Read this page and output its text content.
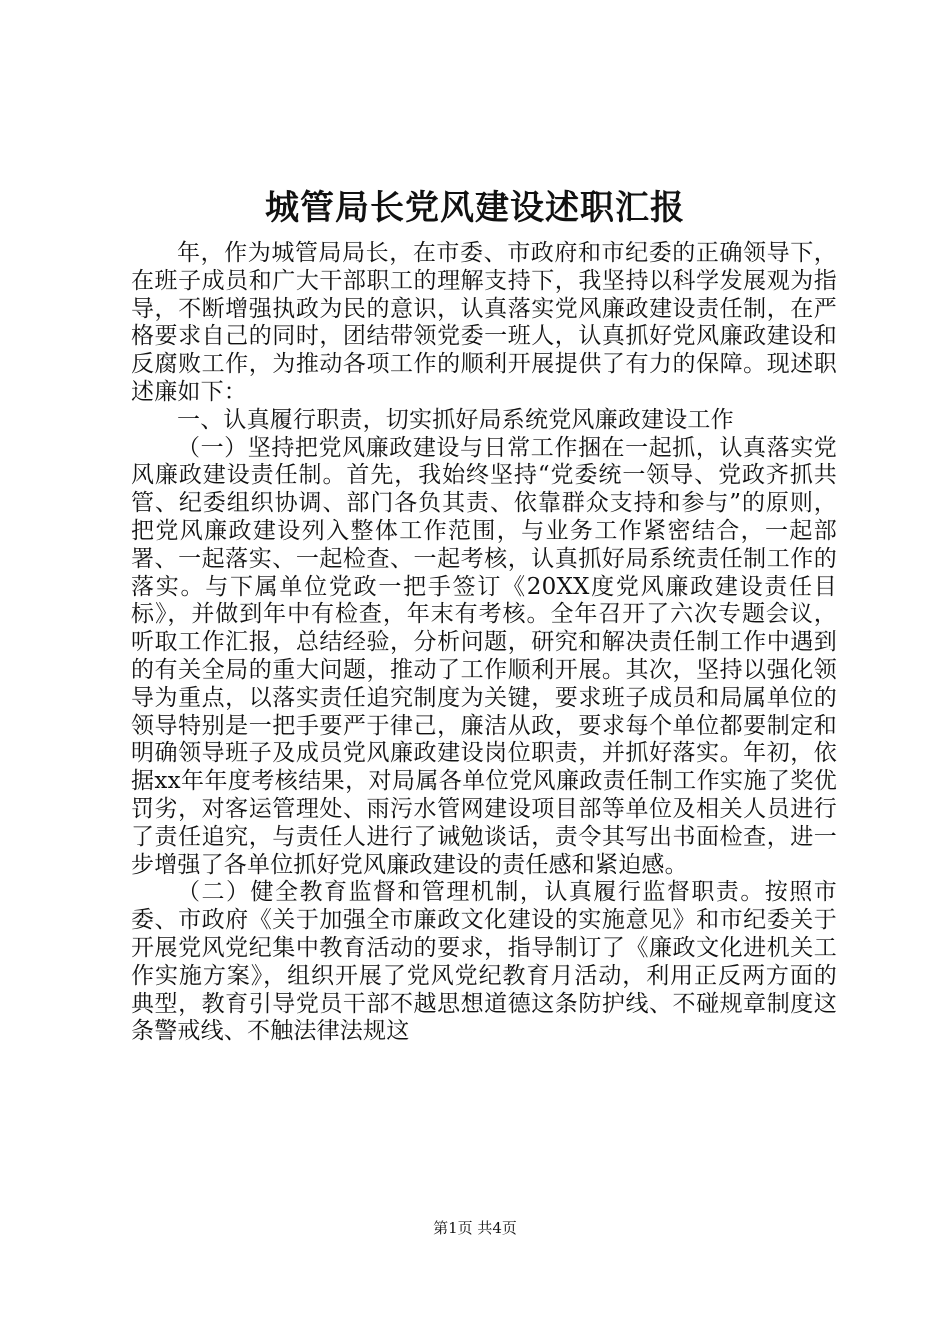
城管局长党风建设述职汇报

年，作为城管局局长，在市委、市政府和市纪委的正确领导下，在班子成员和广大干部职工的理解支持下，我坚持以科学发展观为指导，不断增强执政为民的意识，认真落实党风廉政建设责任制，在严格要求自己的同时，团结带领党委一班人，认真抓好党风廉政建设和反腐败工作，为推动各项工作的顺利开展提供了有力的保障。现述职述廉如下：

一、认真履行职责，切实抓好局系统党风廉政建设工作

（一）坚持把党风廉政建设与日常工作捆在一起抓，认真落实党风廉政建设责任制。首先，我始终坚持“党委统一领导、党政齐抓共管、纪委组织协调、部门各负其责、依靠群众支持和参与”的原则，把党风廉政建设列入整体工作范围，与业务工作紧密结合，一起部署、一起落实、一起检查、一起考核，认真抓好局系统责任制工作的落实。与下属单位党政一把手签订《20XX度党风廉政建设责任目标》，并做到年中有检查，年末有考核。全年召开了六次专题会议，听取工作汇报，总结经验，分析问题，研究和解决责任制工作中遇到的有关全局的重大问题，推动了工作顺利开展。其次，坚持以强化领导为重点，以落实责任追究制度为关键，要求班子成员和局属单位的领导特别是一把手要严于律己，廉洁从政，要求每个单位都要制定和明确领导班子及成员党风廉政建设岗位职责，并抓好落实。年初，依据xx年年度考核结果，对局属各单位党风廉政责任制工作实施了奖优罚劣，对客运管理处、雨污水管网建设项目部等单位及相关人员进行了责任追究，与责任人进行了诫勉谈话，责令其写出书面检查，进一步增强了各单位抓好党风廉政建设的责任感和紧迫感。

（二）健全教育监督和管理机制，认真履行监督职责。按照市委、市政府《关于加强全市廉政文化建设的实施意见》和市纪委关于开展党风党纪集中教育活动的要求，指导制订了《廉政文化进机关工作实施方案》，组织开展了党风党纪教育月活动，利用正反两方面的典型，教育引导党员干部不越思想道德这条防护线、不碰规章制度这条警戒线、不触法律法规这

第1页 共4页
